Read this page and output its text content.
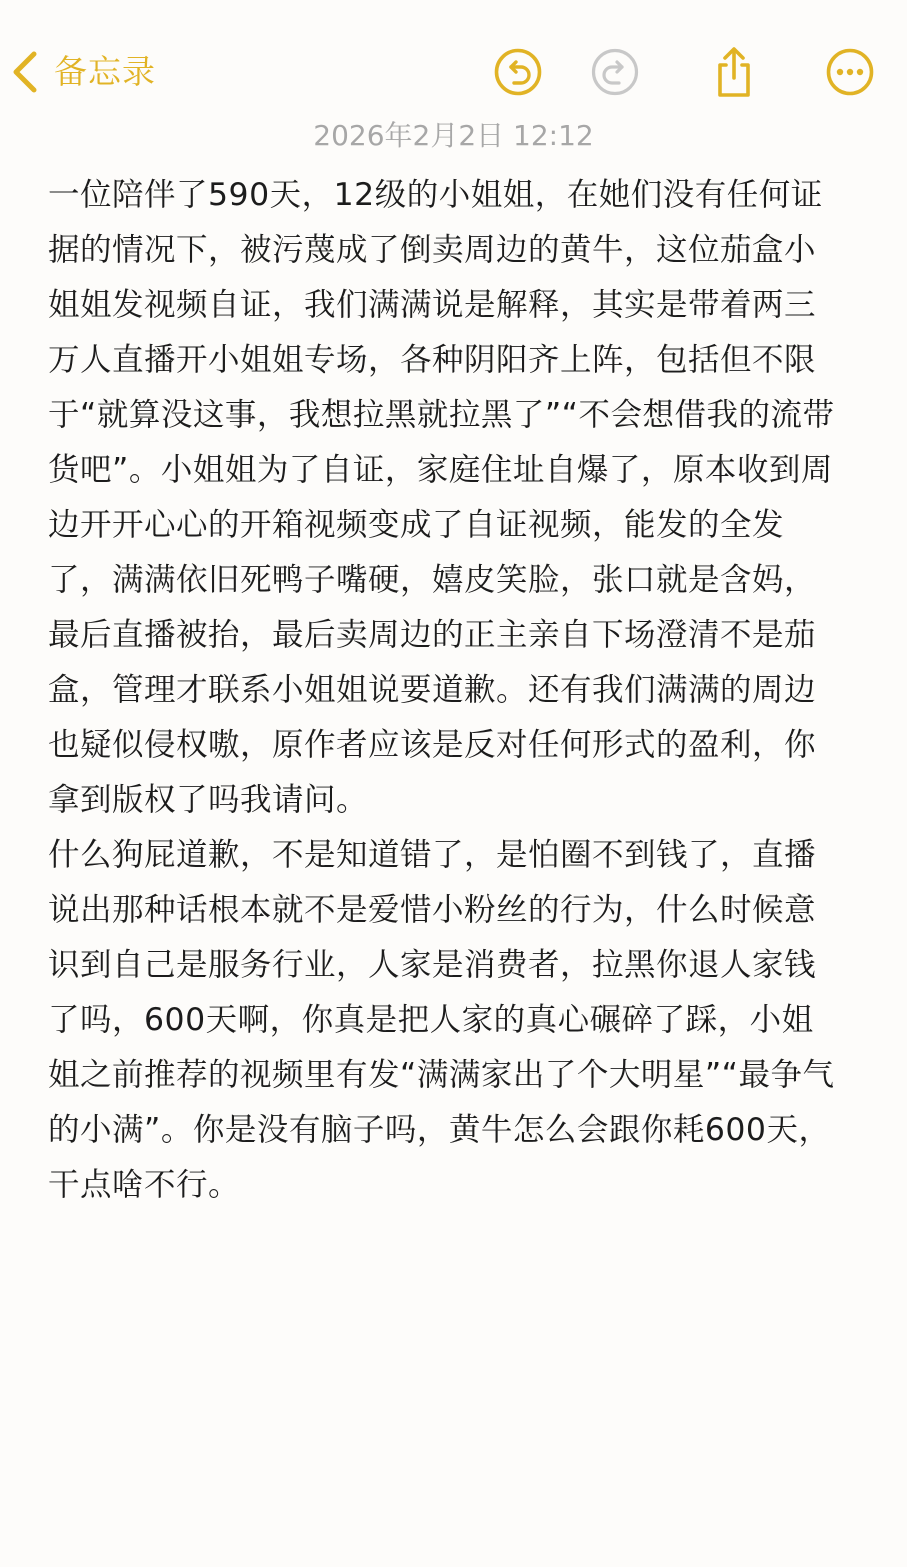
备忘录
2026年2月2日 12:12

一位陪伴了590天，12级的小姐姐，在她们没有任何证据的情况下，被污蔑成了倒卖周边的黄牛，这位茄盒小姐姐发视频自证，我们满满说是解释，其实是带着两三万人直播开小姐姐专场，各种阴阳齐上阵，包括但不限于“就算没这事，我想拉黑就拉黑了”“不会想借我的流带货吧”。小姐姐为了自证，家庭住址自爆了，原本收到周边开开心心的开箱视频变成了自证视频，能发的全发了，满满依旧死鸭子嘴硬，嬉皮笑脸，张口就是含妈，最后直播被抬，最后卖周边的正主亲自下场澄清不是茄盒，管理才联系小姐姐说要道歉。还有我们满满的周边也疑似侵权嗷，原作者应该是反对任何形式的盈利，你拿到版权了吗我请问。

什么狗屁道歉，不是知道错了，是怕圈不到钱了，直播说出那种话根本就不是爱惜小粉丝的行为，什么时候意识到自己是服务行业，人家是消费者，拉黑你退人家钱了吗，600天啊，你真是把人家的真心碾碎了踩，小姐姐之前推荐的视频里有发“满满家出了个大明星”“最争气的小满”。你是没有脑子吗，黄牛怎么会跟你耗600天，干点啥不行。
